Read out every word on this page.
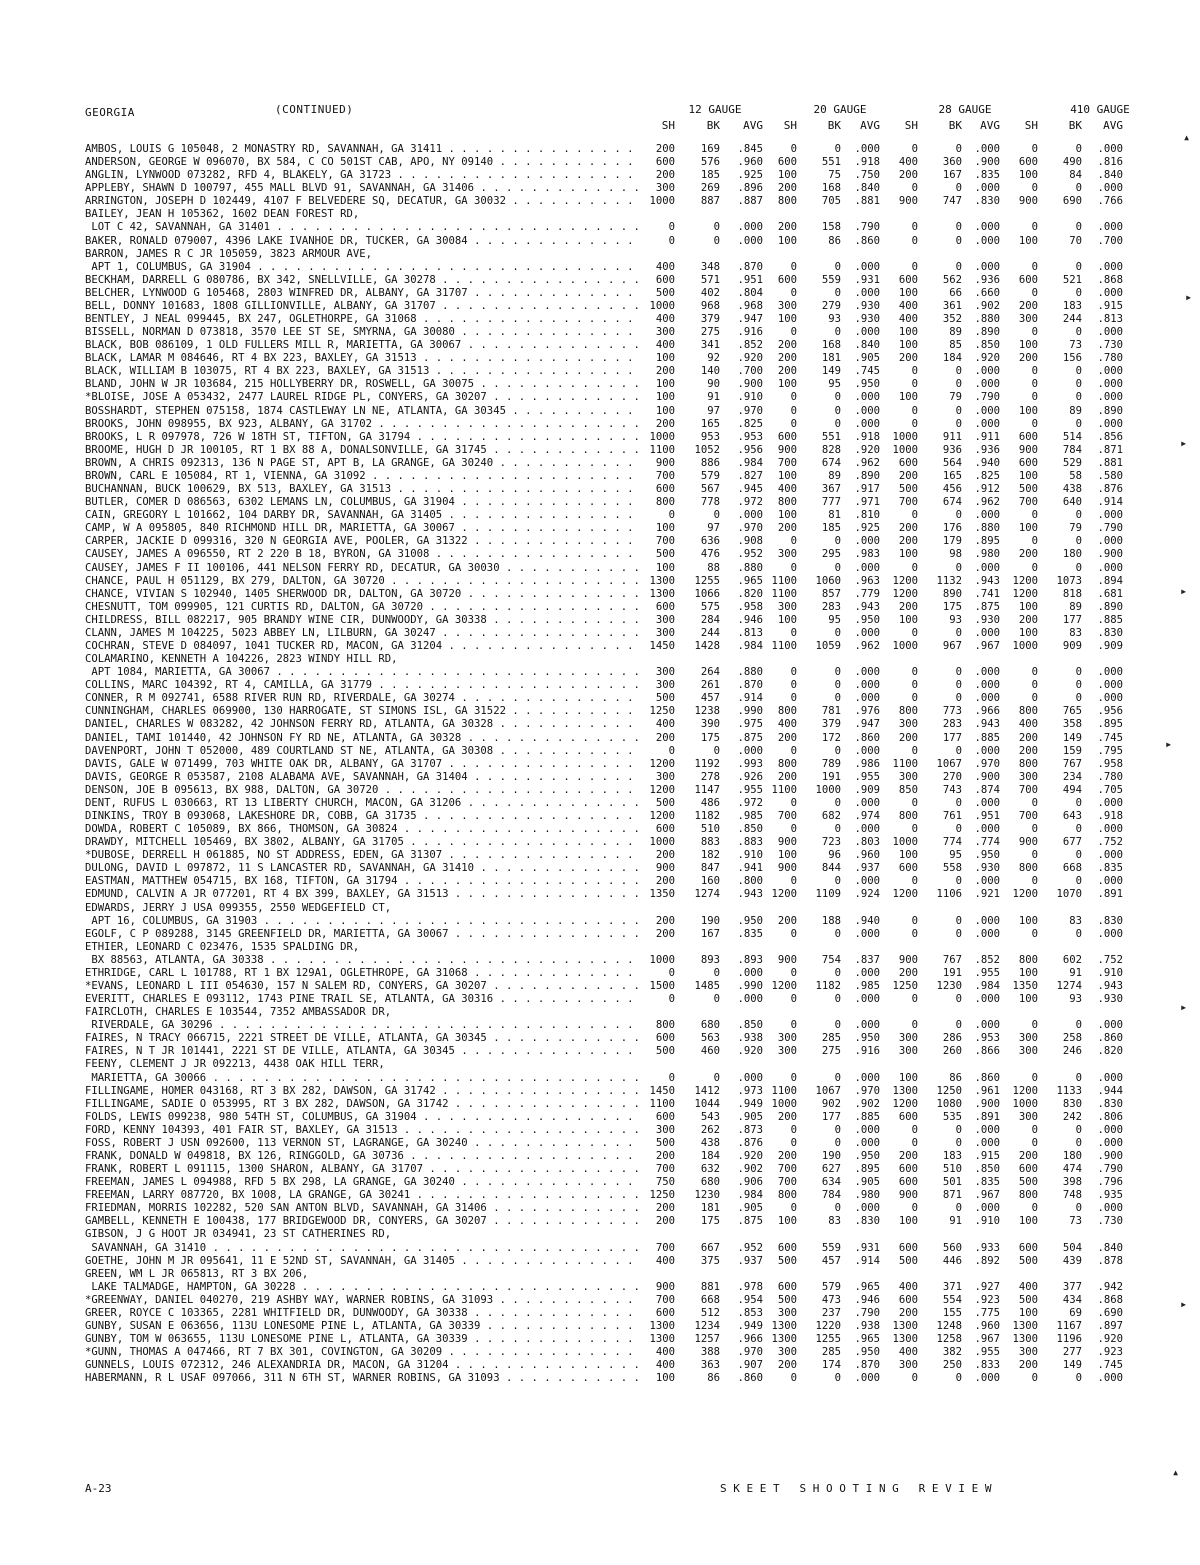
GEORGIA	(CONTINUED)	12 GAUGE	20 GAUGE	28 GAUGE	410 GAUGE
SH	BK	AVG	SH	BK	AVG	SH	BK	AVG	SH	BK	AVG
AMBOS, LOUIS G 105048, 2 MONASTRY RD, SAVANNAH, GA 31411 . . .	200	169	.845	0	0	.000	0	0	.000	0	0	.000
ANDERSON, GEORGE W 096070, BX 584, C CO 501ST CAB, APO, NY 09140 . . .	600	576	.960	600	551	.918	400	360	.900	600	490	.816
ANGLIN, LYNWOOD 073282, RFD 4, BLAKELY, GA 31723 . . .	200	185	.925	100	75	.750	200	167	.835	100	84	.840
APPLEBY, SHAWN D 100797, 455 MALL BLVD 91, SAVANNAH, GA 31406 . . .	300	269	.896	200	168	.840	0	0	.000	0	0	.000
ARRINGTON, JOSEPH D 102449, 4107 F BELVEDERE SQ, DECATUR, GA 30032 . . .	1000	887	.887	800	705	.881	900	747	.830	900	690	.766
BAILEY, JEAN H 105362, 1602 DEAN FOREST RD,
LOT C 42, SAVANNAH, GA 31401 . . .	0	0	.000	200	158	.790	0	0	.000	0	0	.000
BAKER, RONALD 079007, 4396 LAKE IVANHOE DR, TUCKER, GA 30084 . . .	0	0	.000	100	86	.860	0	0	.000	100	70	.700
BARRON, JAMES R C JR 105059, 3823 ARMOUR AVE,
APT 1, COLUMBUS, GA 31904 . . .	400	348	.870	0	0	.000	0	0	.000	0	0	.000
BECKHAM, DARRELL G 080786, BX 342, SNELLVILLE, GA 30278 . . .	600	571	.951	600	559	.931	600	562	.936	600	521	.868
BELCHER, LYNWOOD G 105468, 2803 WINFRED DR, ALBANY, GA 31707 . . .	500	402	.804	0	0	.000	100	66	.660	0	0	.000
BELL, DONNY 101683, 1808 GILLIONVILLE, ALBANY, GA 31707 . . .	1000	968	.968	300	279	.930	400	361	.902	200	183	.915
BENTLEY, J NEAL 099445, BX 247, OGLETHORPE, GA 31068 . . .	400	379	.947	100	93	.930	400	352	.880	300	244	.813
BISSELL, NORMAN D 073818, 3570 LEE ST SE, SMYRNA, GA 30080 . . .	300	275	.916	0	0	.000	100	89	.890	0	0	.000
BLACK, BOB 086109, 1 OLD FULLERS MILL R, MARIETTA, GA 30067 . . .	400	341	.852	200	168	.840	100	85	.850	100	73	.730
BLACK, LAMAR M 084646, RT 4 BX 223, BAXLEY, GA 31513 . . .	100	92	.920	200	181	.905	200	184	.920	200	156	.780
BLACK, WILLIAM B 103075, RT 4 BX 223, BAXLEY, GA 31513 . . .	200	140	.700	200	149	.745	0	0	.000	0	0	.000
BLAND, JOHN W JR 103684, 215 HOLLYBERRY DR, ROSWELL, GA 30075 . . .	100	90	.900	100	95	.950	0	0	.000	0	0	.000
*BLOISE, JOSE A 053432, 2477 LAUREL RIDGE PL, CONYERS, GA 30207 . . .	100	91	.910	0	0	.000	100	79	.790	0	0	.000
BOSSHARDT, STEPHEN 075158, 1874 CASTLEWAY LN NE, ATLANTA, GA 30345 . . .	100	97	.970	0	0	.000	0	0	.000	100	89	.890
BROOKS, JOHN 098955, BX 923, ALBANY, GA 31702 . . .	200	165	.825	0	0	.000	0	0	.000	0	0	.000
BROOKS, L R 097978, 726 W 18TH ST, TIFTON, GA 31794 . . .	1000	953	.953	600	551	.918	1000	911	.911	600	514	.856
BROOME, HUGH D JR 100105, RT 1 BX 88 A, DONALSONVILLE, GA 31745 . . .	1100	1052	.956	900	828	.920	1000	936	.936	900	784	.871
BROWN, A CHRIS 092313, 136 N PAGE ST, APT B, LA GRANGE, GA 30240 . . .	900	886	.984	700	674	.962	600	564	.940	600	529	.881
BROWN, CARL E 105084, RT 1, VIENNA, GA 31092 . . .	700	579	.827	100	89	.890	200	165	.825	100	58	.580
BUCHANNAN, BUCK 100629, BX 513, BAXLEY, GA 31513 . . .	600	567	.945	400	367	.917	500	456	.912	500	438	.876
BUTLER, COMER D 086563, 6302 LEMANS LN, COLUMBUS, GA 31904 . . .	800	778	.972	800	777	.971	700	674	.962	700	640	.914
CAIN, GREGORY L 101662, 104 DARBY DR, SAVANNAH, GA 31405 . . .	0	0	.000	100	81	.810	0	0	.000	0	0	.000
CAMP, W A 095805, 840 RICHMOND HILL DR, MARIETTA, GA 30067 . . .	100	97	.970	200	185	.925	200	176	.880	100	79	.790
CARPER, JACKIE D 099316, 320 N GEORGIA AVE, POOLER, GA 31322 . . .	700	636	.908	0	0	.000	200	179	.895	0	0	.000
CAUSEY, JAMES A 096550, RT 2 220 B 18, BYRON, GA 31008 . . .	500	476	.952	300	295	.983	100	98	.980	200	180	.900
CAUSEY, JAMES F II 100106, 441 NELSON FERRY RD, DECATUR, GA 30030 . . .	100	88	.880	0	0	.000	0	0	.000	0	0	.000
CHANCE, PAUL H 051129, BX 279, DALTON, GA 30720 . . .	1300	1255	.965 1100	1060	.963	1200	1132	.943	1200	1073	.894
CHANCE, VIVIAN S 102940, 1405 SHERWOOD DR, DALTON, GA 30720 . . .	1300	1066	.820 1100	857	.779	1200	890	.741	1200	818	.681
CHESNUTT, TOM 099905, 121 CURTIS RD, DALTON, GA 30720 . . .	600	575	.958	300	283	.943	200	175	.875	100	89	.890
CHILDRESS, BILL 082217, 905 BRANDY WINE CIR, DUNWOODY, GA 30338 . . .	300	284	.946	100	95	.950	100	93	.930	200	177	.885
CLANN, JAMES M 104225, 5023 ABBEY LN, LILBURN, GA 30247 . . .	300	244	.813	0	0	.000	0	0	.000	100	83	.830
COCHRAN, STEVE D 084097, 1041 TUCKER RD, MACON, GA 31204 . . .	1450	1428	.984 1100	1059	.962	1000	967	.967	1000	909	.909
COLAMARINO, KENNETH A 104226, 2823 WINDY HILL RD,
APT 1084, MARIETTA, GA 30067 . . .	300	264	.880	0	0	.000	0	0	.000	0	0	.000
COLLINS, MARC 104392, RT 4, CAMILLA, GA 31779 . . .	300	261	.870	0	0	.000	0	0	.000	0	0	.000
CONNER, R M 092741, 6588 RIVER RUN RD, RIVERDALE, GA 30274 . . .	500	457	.914	0	0	.000	0	0	.000	0	0	.000
CUNNINGHAM, CHARLES 069900, 130 HARROGATE, ST SIMONS ISL, GA 31522 . . .	1250	1238	.990	800	781	.976	800	773	.966	800	765	.956
DANIEL, CHARLES W 083282, 42 JOHNSON FERRY RD, ATLANTA, GA 30328 . . .	400	390	.975	400	379	.947	300	283	.943	400	358	.895
DANIEL, TAMI 101440, 42 JOHNSON FY RD NE, ATLANTA, GA 30328 . . .	200	175	.875	200	172	.860	200	177	.885	200	149	.745
DAVENPORT, JOHN T 052000, 489 COURTLAND ST NE, ATLANTA, GA 30308 . . .	0	0	.000	0	0	.000	0	0	.000	200	159	.795
DAVIS, GALE W 071499, 703 WHITE OAK DR, ALBANY, GA 31707 . . .	1200	1192	.993	800	789	.986	1100	1067	.970	800	767	.958
DAVIS, GEORGE R 053587, 2108 ALABAMA AVE, SAVANNAH, GA 31404 . . .	300	278	.926	200	191	.955	300	270	.900	300	234	.780
DENSON, JOE B 095613, BX 988, DALTON, GA 30720 . . .	1200	1147	.955 1100	1000	.909	850	743	.874	700	494	.705
DENT, RUFUS L 030663, RT 13 LIBERTY CHURCH, MACON, GA 31206 . . .	500	486	.972	0	0	.000	0	0	.000	0	0	.000
DINKINS, TROY B 093068, LAKESHORE DR, COBB, GA 31735 . . .	1200	1182	.985	700	682	.974	800	761	.951	700	643	.918
DOWDA, ROBERT C 105089, BX 866, THOMSON, GA 30824 . . .	600	510	.850	0	0	.000	0	0	.000	0	0	.000
DRAWDY, MITCHELL 105469, BX 3802, ALBANY, GA 31705 . . .	1000	883	.883	900	723	.803	1000	774	.774	900	677	.752
*DUBOSE, DERRELL H 061885, NO ST ADDRESS, EDEN, GA 31307 . . .	200	182	.910	100	96	.960	100	95	.950	0	0	.000
DULONG, DAVID L 097872, 11 S LANCASTER RD, SAVANNAH, GA 31410 . . .	900	847	.941	900	844	.937	600	558	.930	800	668	.835
EASTMAN, MATTHEW 054715, BX 168, TIFTON, GA 31794 . . .	200	160	.800	0	0	.000	0	0	.000	0	0	.000
EDMUND, CALVIN A JR 077201, RT 4 BX 399, BAXLEY, GA 31513 . . .	1350	1274	.943 1200	1109	.924	1200	1106	.921	1200	1070	.891
EDWARDS, JERRY J USA 099355, 2550 WEDGEFIELD CT,
APT 16, COLUMBUS, GA 31903 . . .	200	190	.950	200	188	.940	0	0	.000	100	83	.830
EGOLF, C P 089288, 3145 GREENFIELD DR, MARIETTA, GA 30067 . . .	200	167	.835	0	0	.000	0	0	.000	0	0	.000
ETHIER, LEONARD C 023476, 1535 SPALDING DR,
BX 88563, ATLANTA, GA 30338 . . .	1000	893	.893	900	754	.837	900	767	.852	800	602	.752
ETHRIDGE, CARL L 101788, RT 1 BX 129A1, OGLETHROPE, GA 31068 . . .	0	0	.000	0	0	.000	200	191	.955	100	91	.910
*EVANS, LEONARD L III 054630, 157 N SALEM RD, CONYERS, GA 30207 . . .	1500	1485	.990 1200	1182	.985	1250	1230	.984	1350	1274	.943
EVERITT, CHARLES E 093112, 1743 PINE TRAIL SE, ATLANTA, GA 30316 . . .	0	0	.000	0	0	.000	0	0	.000	100	93	.930
FAIRCLOTH, CHARLES E 103544, 7352 AMBASSADOR DR,
RIVERDALE, GA 30296 . . .	800	680	.850	0	0	.000	0	0	.000	0	0	.000
FAIRES, N TRACY 066715, 2221 STREET DE VILLE, ATLANTA, GA 30345 . . .	600	563	.938	300	285	.950	300	286	.953	300	258	.860
FAIRES, N T JR 101441, 2221 ST DE VILLE, ATLANTA, GA 30345 . . .	500	460	.920	300	275	.916	300	260	.866	300	246	.820
FEENY, CLEMENT J JR 092213, 4438 OAK HILL TERR,
MARIETTA, GA 30066 . . .	0	0	.000	0	0	.000	100	86	.860	0	0	.000
FILLINGAME, HOMER 043168, RT 3 BX 282, DAWSON, GA 31742 . . .	1450	1412	.973 1100	1067	.970	1300	1250	.961	1200	1133	.944
FILLINGAME, SADIE O 053995, RT 3 BX 282, DAWSON, GA 31742 . . .	1100	1044	.949 1000	902	.902	1200	1080	.900	1000	830	.830
FOLDS, LEWIS 099238, 980 54TH ST, COLUMBUS, GA 31904 . . .	600	543	.905	200	177	.885	600	535	.891	300	242	.806
FORD, KENNY 104393, 401 FAIR ST, BAXLEY, GA 31513 . . .	300	262	.873	0	0	.000	0	0	.000	0	0	.000
FOSS, ROBERT J USN 092600, 113 VERNON ST, LAGRANGE, GA 30240 . . .	500	438	.876	0	0	.000	0	0	.000	0	0	.000
FRANK, DONALD W 049818, BX 126, RINGGOLD, GA 30736 . . .	200	184	.920	200	190	.950	200	183	.915	200	180	.900
FRANK, ROBERT L 091115, 1300 SHARON, ALBANY, GA 31707 . . .	700	632	.902	700	627	.895	600	510	.850	600	474	.790
FREEMAN, JAMES L 094988, RFD 5 BX 298, LA GRANGE, GA 30240 . . .	750	680	.906	700	634	.905	600	501	.835	500	398	.796
FREEMAN, LARRY 087720, BX 1008, LA GRANGE, GA 30241 . . .	1250	1230	.984	800	784	.980	900	871	.967	800	748	.935
FRIEDMAN, MORRIS 102282, 520 SAN ANTON BLVD, SAVANNAH, GA 31406 . . .	200	181	.905	0	0	.000	0	0	.000	0	0	.000
GAMBELL, KENNETH E 100438, 177 BRIDGEWOOD DR, CONYERS, GA 30207 . . .	200	175	.875	100	83	.830	100	91	.910	100	73	.730
GIBSON, J G HOOT JR 034941, 23 ST CATHERINES RD,
SAVANNAH, GA 31410 . . .	700	667	.952	600	559	.931	600	560	.933	600	504	.840
GOETHE, JOHN M JR 095641, 11 E 52ND ST, SAVANNAH, GA 31405 . . .	400	375	.937	500	457	.914	500	446	.892	500	439	.878
GREEN, WM L JR 065813, RT 3 BX 206,
LAKE TALMADGE, HAMPTON, GA 30228 . . .	900	881	.978	600	579	.965	400	371	.927	400	377	.942
*GREENWAY, DANIEL 040270, 219 ASHBY WAY, WARNER ROBINS, GA 31093 . . .	700	668	.954	500	473	.946	600	554	.923	500	434	.868
GREER, ROYCE C 103365, 2281 WHITFIELD DR, DUNWOODY, GA 30338 . . .	600	512	.853	300	237	.790	200	155	.775	100	69	.690
GUNBY, SUSAN E 063656, 113U LONESOME PINE L, ATLANTA, GA 30339 . . .	1300	1234	.949 1300	1220	.938	1300	1248	.960	1300	1167	.897
GUNBY, TOM W 063655, 113U LONESOME PINE L, ATLANTA, GA 30339 . . .	1300	1257	.966 1300	1255	.965	1300	1258	.967	1300	1196	.920
*GUNN, THOMAS A 047466, RT 7 BX 301, COVINGTON, GA 30209 . . .	400	388	.970	300	285	.950	400	382	.955	300	277	.923
GUNNELS, LOUIS 072312, 246 ALEXANDRIA DR, MACON, GA 31204 . . .	400	363	.907	200	174	.870	300	250	.833	200	149	.745
HABERMANN, R L USAF 097066, 311 N 6TH ST, WARNER ROBINS, GA 31093 . . .	100	86	.860	0	0	.000	0	0	.000	0	0	.000
A-23	S K E E T   S H O O T I N G   R E V I E W
▴
▸
▸
▸
▸
▸
▸
▴
